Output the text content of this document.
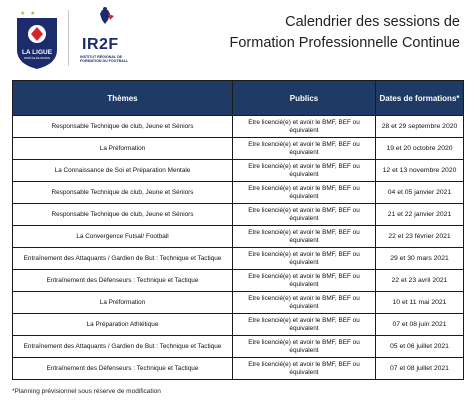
★ ★
LA LIGUE
PARIS ÎLE-DE-FRANCE
IR2F
INSTITUT RÉGIONAL DE FORMATION DU FOOTBALL
Calendrier des sessions de
Formation Professionnelle Continue
Thèmes	Publics	Dates de formations*
Responsable Technique de club, Jeune et Séniors	Etre licencié(e) et avoir le BMF, BEF ou équivalent	28 et 29 septembre 2020
La Préformation	Etre licencié(e) et avoir le BMF, BEF ou équivalent	19 et 20 octobre 2020
La Connaissance de Soi et Préparation Mentale	Etre licencié(e) et avoir le BMF, BEF ou équivalent	12 et 13 novembre 2020
Responsable Technique de club, Jeune et Séniors	Etre licencié(e) et avoir le BMF, BEF ou équivalent	04 et 05 janvier 2021
Responsable Technique de club, Jeune et Séniors	Etre licencié(e) et avoir le BMF, BEF ou équivalent	21 et 22 janvier 2021
La Convergence Futsal/ Football	Etre licencié(e) et avoir le BMF, BEF ou équivalent	22 et 23 février 2021
Entraînement des Attaquants / Gardien de But : Technique et Tactique	Etre licencié(e) et avoir le BMF, BEF ou équivalent	29 et 30 mars 2021
Entraînement des Défenseurs : Technique et Tactique	Etre licencié(e) et avoir le BMF, BEF ou équivalent	22 et 23 avril 2021
La Préformation	Etre licencié(e) et avoir le BMF, BEF ou équivalent	10 et 11 mai 2021
La Préparation Athlétique	Etre licencié(e) et avoir le BMF, BEF ou équivalent	07 et 08 juin 2021
Entraînement des Attaquants / Gardien de But : Technique et Tactique	Etre licencié(e) et avoir le BMF, BEF ou équivalent	05 et 06 juillet 2021
Entraînement des Défenseurs : Technique et Tactique	Etre licencié(e) et avoir le BMF, BEF ou équivalent	07 et 08 juillet 2021
*Planning prévisionnel sous réserve de modification
